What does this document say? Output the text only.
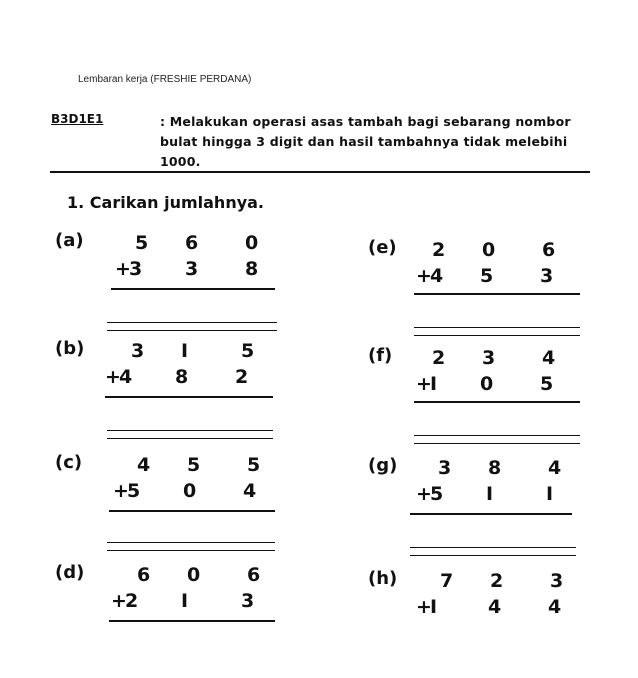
Lembaran kerja (FRESHIE PERDANA)
B3D1E1	: Melakukan operasi asas tambah bagi sebarang nombor bulat hingga 3 digit dan hasil tambahnya tidak melebihi 1000.
1. Carikan jumlahnya.
(a)	5	6	0
+
3	3	8
(b) 3	I	5
+
4	8	2
(c)	4	5	5
+
5	0	4
(d)	6	0	6
+
2	I	3
(e) 2	0	6
+
4	5	3
(f) 2	3	4
+
I	0	5
(g) 3	8	4
+
5	I	I
(h) 7	2	3
+
I	4	4
